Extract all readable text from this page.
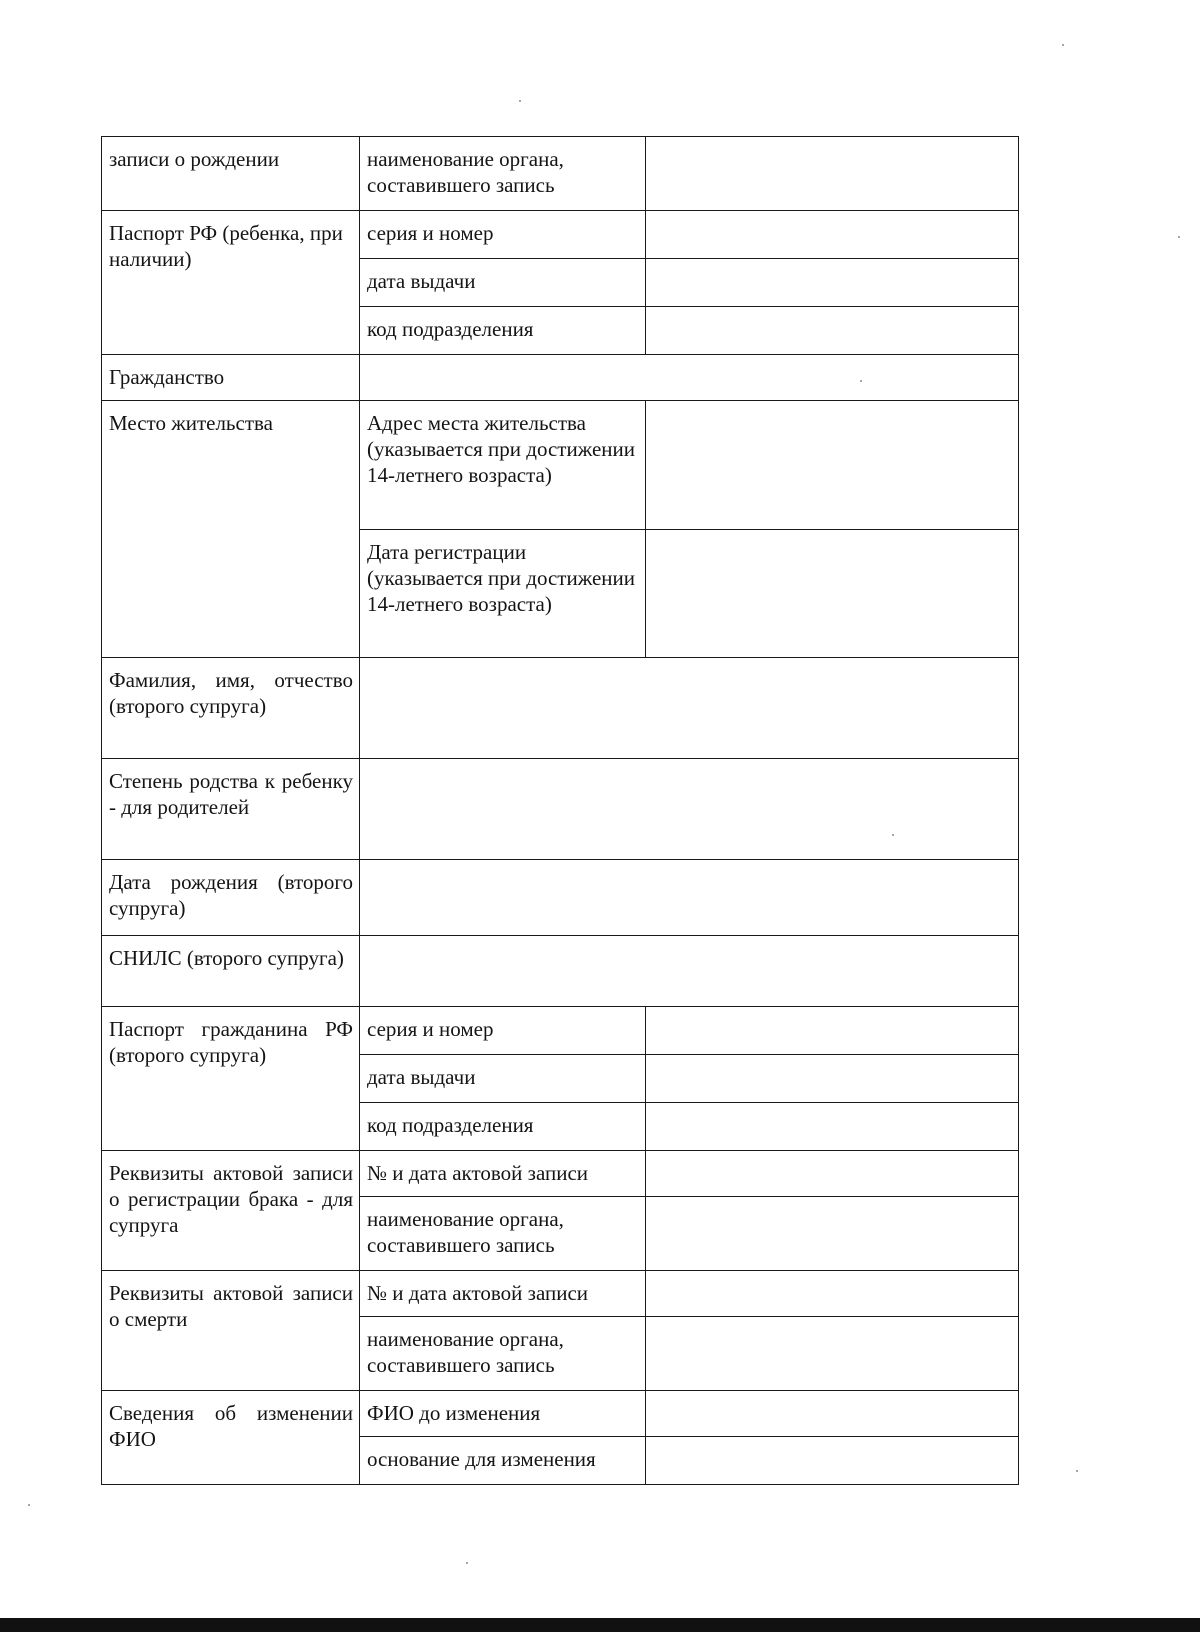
записи о рождении	наименование органа, составившего запись	
Паспорт РФ (ребенка, при наличии)	серия и номер	
	дата выдачи	
	код подразделения	
Гражданство		
Место жительства	Адрес места жительства (указывается при достижении 14-летнего возраста)	
	Дата регистрации (указывается при достижении 14-летнего возраста)	
Фамилия, имя, отчество (второго супруга)		
Степень родства к ребенку - для родителей		
Дата рождения (второго супруга)		
СНИЛС (второго супруга)		
Паспорт гражданина РФ (второго супруга)	серия и номер	
	дата выдачи	
	код подразделения	
Реквизиты актовой записи о регистрации брака - для супруга	№ и дата актовой записи	
	наименование органа, составившего запись	
Реквизиты актовой записи о смерти	№ и дата актовой записи	
	наименование органа, составившего запись	
Сведения об изменении ФИО	ФИО до изменения	
	основание для изменения	
